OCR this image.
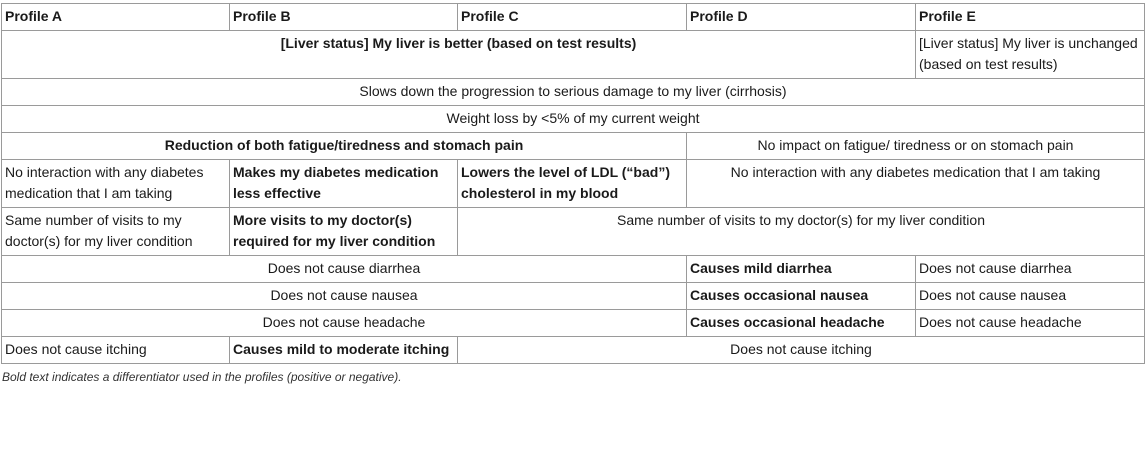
Profile A	Profile B	Profile C	Profile D	Profile E
[Liver status] My liver is better (based on test results)				[Liver status] My liver is unchanged (based on test results)
Slows down the progression to serious damage to my liver (cirrhosis)				
Weight loss by <5% of my current weight				
Reduction of both fatigue/tiredness and stomach pain			No impact on fatigue/ tiredness or on stomach pain	
No interaction with any diabetes medication that I am taking	Makes my diabetes medication less effective	Lowers the level of LDL (“bad”) cholesterol in my blood	No interaction with any diabetes medication that I am taking	
Same number of visits to my doctor(s) for my liver condition	More visits to my doctor(s) required for my liver condition	Same number of visits to my doctor(s) for my liver condition		
Does not cause diarrhea			Causes mild diarrhea	Does not cause diarrhea
Does not cause nausea			Causes occasional nausea	Does not cause nausea
Does not cause headache			Causes occasional headache	Does not cause headache
Does not cause itching	Causes mild to moderate itching	Does not cause itching		

Bold text indicates a differentiator used in the profiles (positive or negative).
